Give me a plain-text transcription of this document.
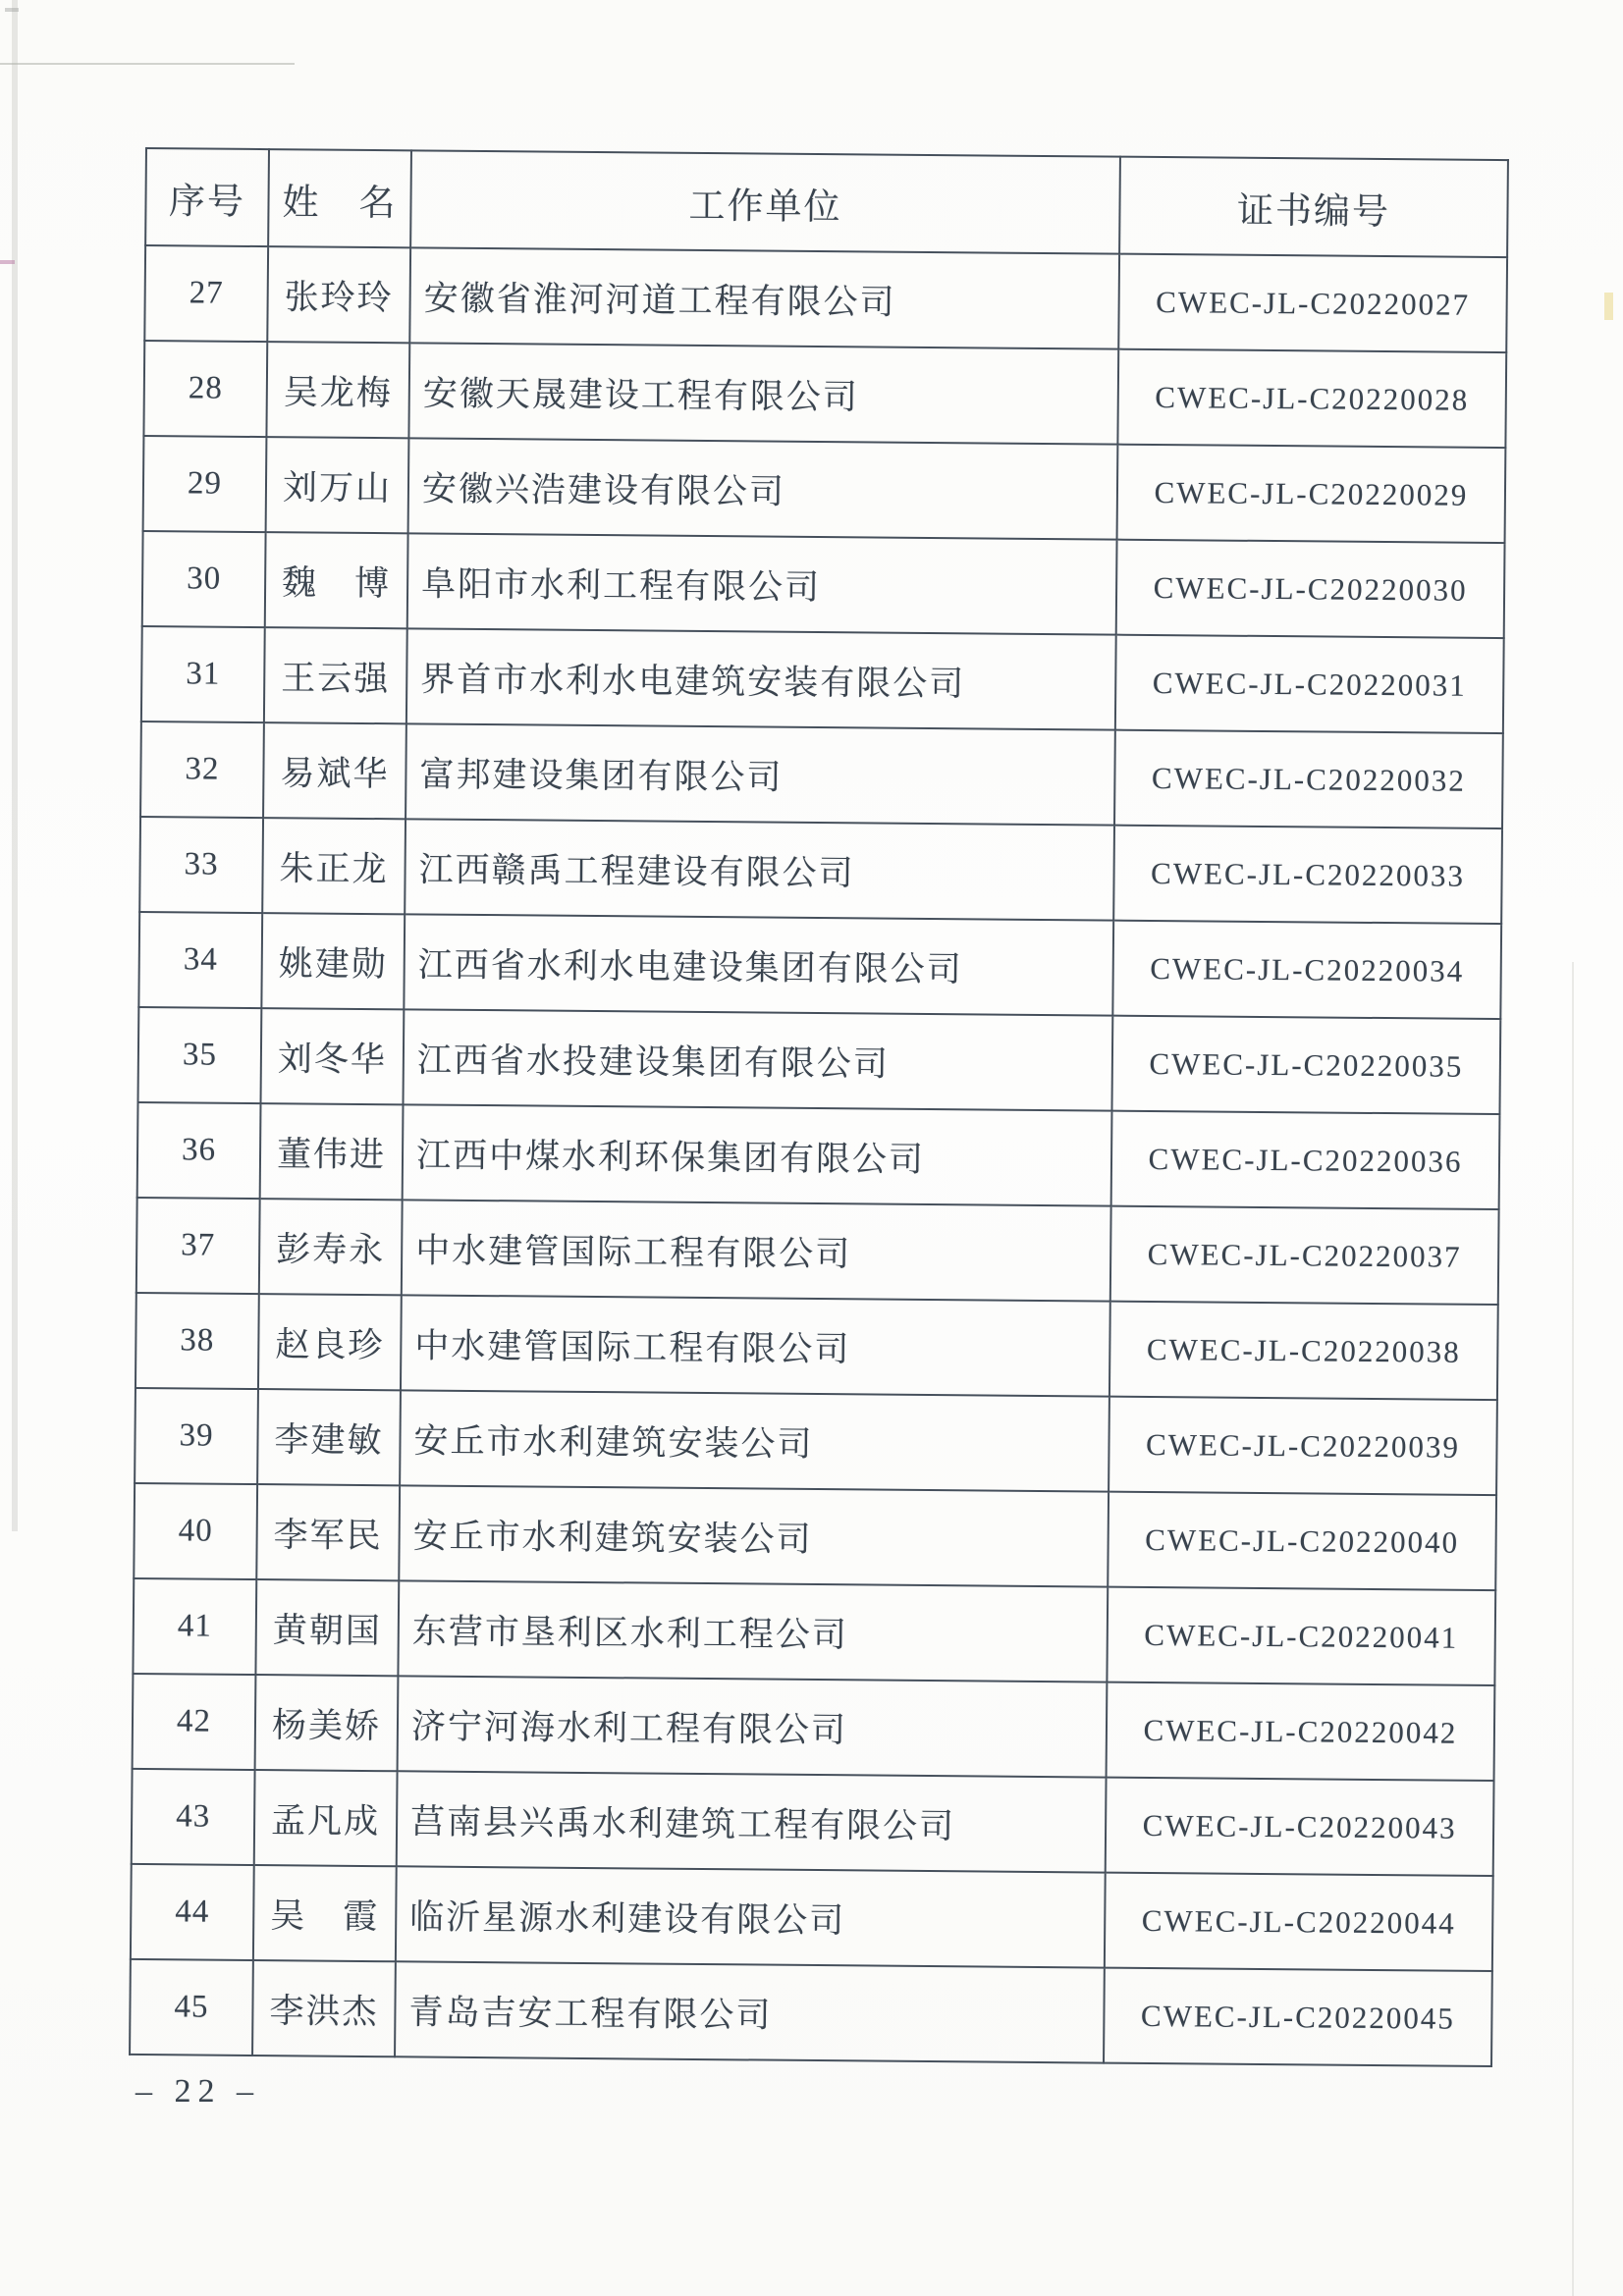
序号	姓　名	工作单位	证书编号
27	张玲玲	安徽省淮河河道工程有限公司	CWEC-JL-C20220027
28	吴龙梅	安徽天晟建设工程有限公司	CWEC-JL-C20220028
29	刘万山	安徽兴浩建设有限公司	CWEC-JL-C20220029
30	魏　博	阜阳市水利工程有限公司	CWEC-JL-C20220030
31	王云强	界首市水利水电建筑安装有限公司	CWEC-JL-C20220031
32	易斌华	富邦建设集团有限公司	CWEC-JL-C20220032
33	朱正龙	江西赣禹工程建设有限公司	CWEC-JL-C20220033
34	姚建勋	江西省水利水电建设集团有限公司	CWEC-JL-C20220034
35	刘冬华	江西省水投建设集团有限公司	CWEC-JL-C20220035
36	董伟进	江西中煤水利环保集团有限公司	CWEC-JL-C20220036
37	彭寿永	中水建管国际工程有限公司	CWEC-JL-C20220037
38	赵良珍	中水建管国际工程有限公司	CWEC-JL-C20220038
39	李建敏	安丘市水利建筑安装公司	CWEC-JL-C20220039
40	李军民	安丘市水利建筑安装公司	CWEC-JL-C20220040
41	黄朝国	东营市垦利区水利工程公司	CWEC-JL-C20220041
42	杨美娇	济宁河海水利工程有限公司	CWEC-JL-C20220042
43	孟凡成	莒南县兴禹水利建筑工程有限公司	CWEC-JL-C20220043
44	吴　霞	临沂星源水利建设有限公司	CWEC-JL-C20220044
45	李洪杰	青岛吉安工程有限公司	CWEC-JL-C20220045
– 22 –
